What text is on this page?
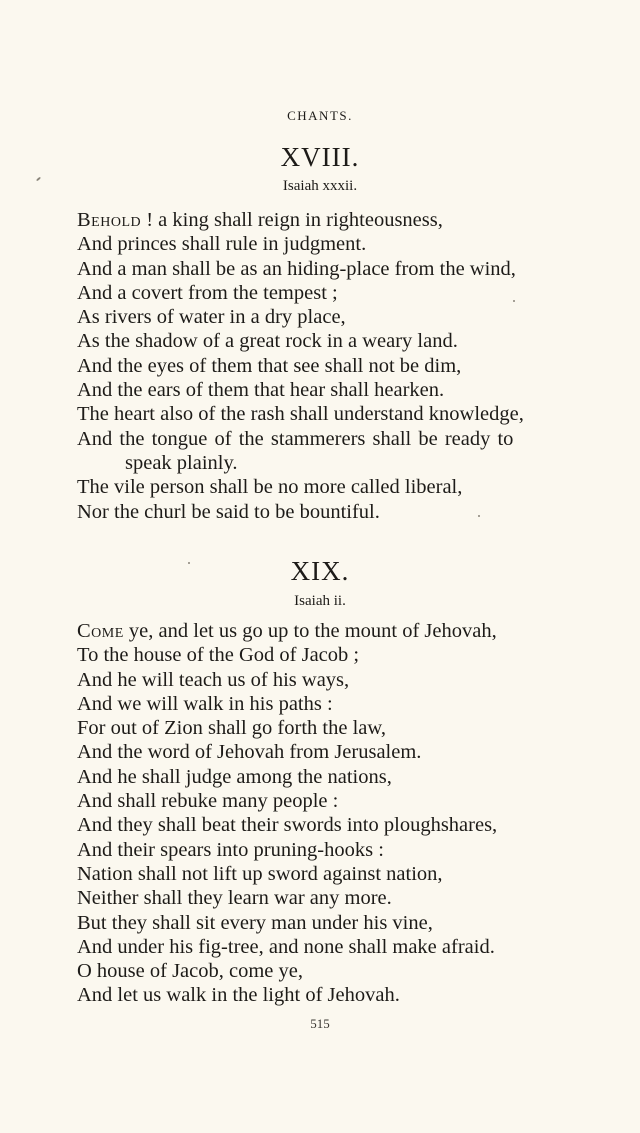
CHANTS.
XVIII.
Isaiah xxxii.
Behold ! a king shall reign in righteousness,
And princes shall rule in judgment.
And a man shall be as an hiding-place from the wind,
And a covert from the tempest ;
As rivers of water in a dry place,
As the shadow of a great rock in a weary land.
And the eyes of them that see shall not be dim,
And the ears of them that hear shall hearken.
The heart also of the rash shall understand knowledge,
And the tongue of the stammerers shall be ready to
speak plainly.
The vile person shall be no more called liberal,
Nor the churl be said to be bountiful.
XIX.
Isaiah ii.
Come ye, and let us go up to the mount of Jehovah,
To the house of the God of Jacob ;
And he will teach us of his ways,
And we will walk in his paths :
For out of Zion shall go forth the law,
And the word of Jehovah from Jerusalem.
And he shall judge among the nations,
And shall rebuke many people :
And they shall beat their swords into ploughshares,
And their spears into pruning-hooks :
Nation shall not lift up sword against nation,
Neither shall they learn war any more.
But they shall sit every man under his vine,
And under his fig-tree, and none shall make afraid.
O house of Jacob, come ye,
And let us walk in the light of Jehovah.
515
